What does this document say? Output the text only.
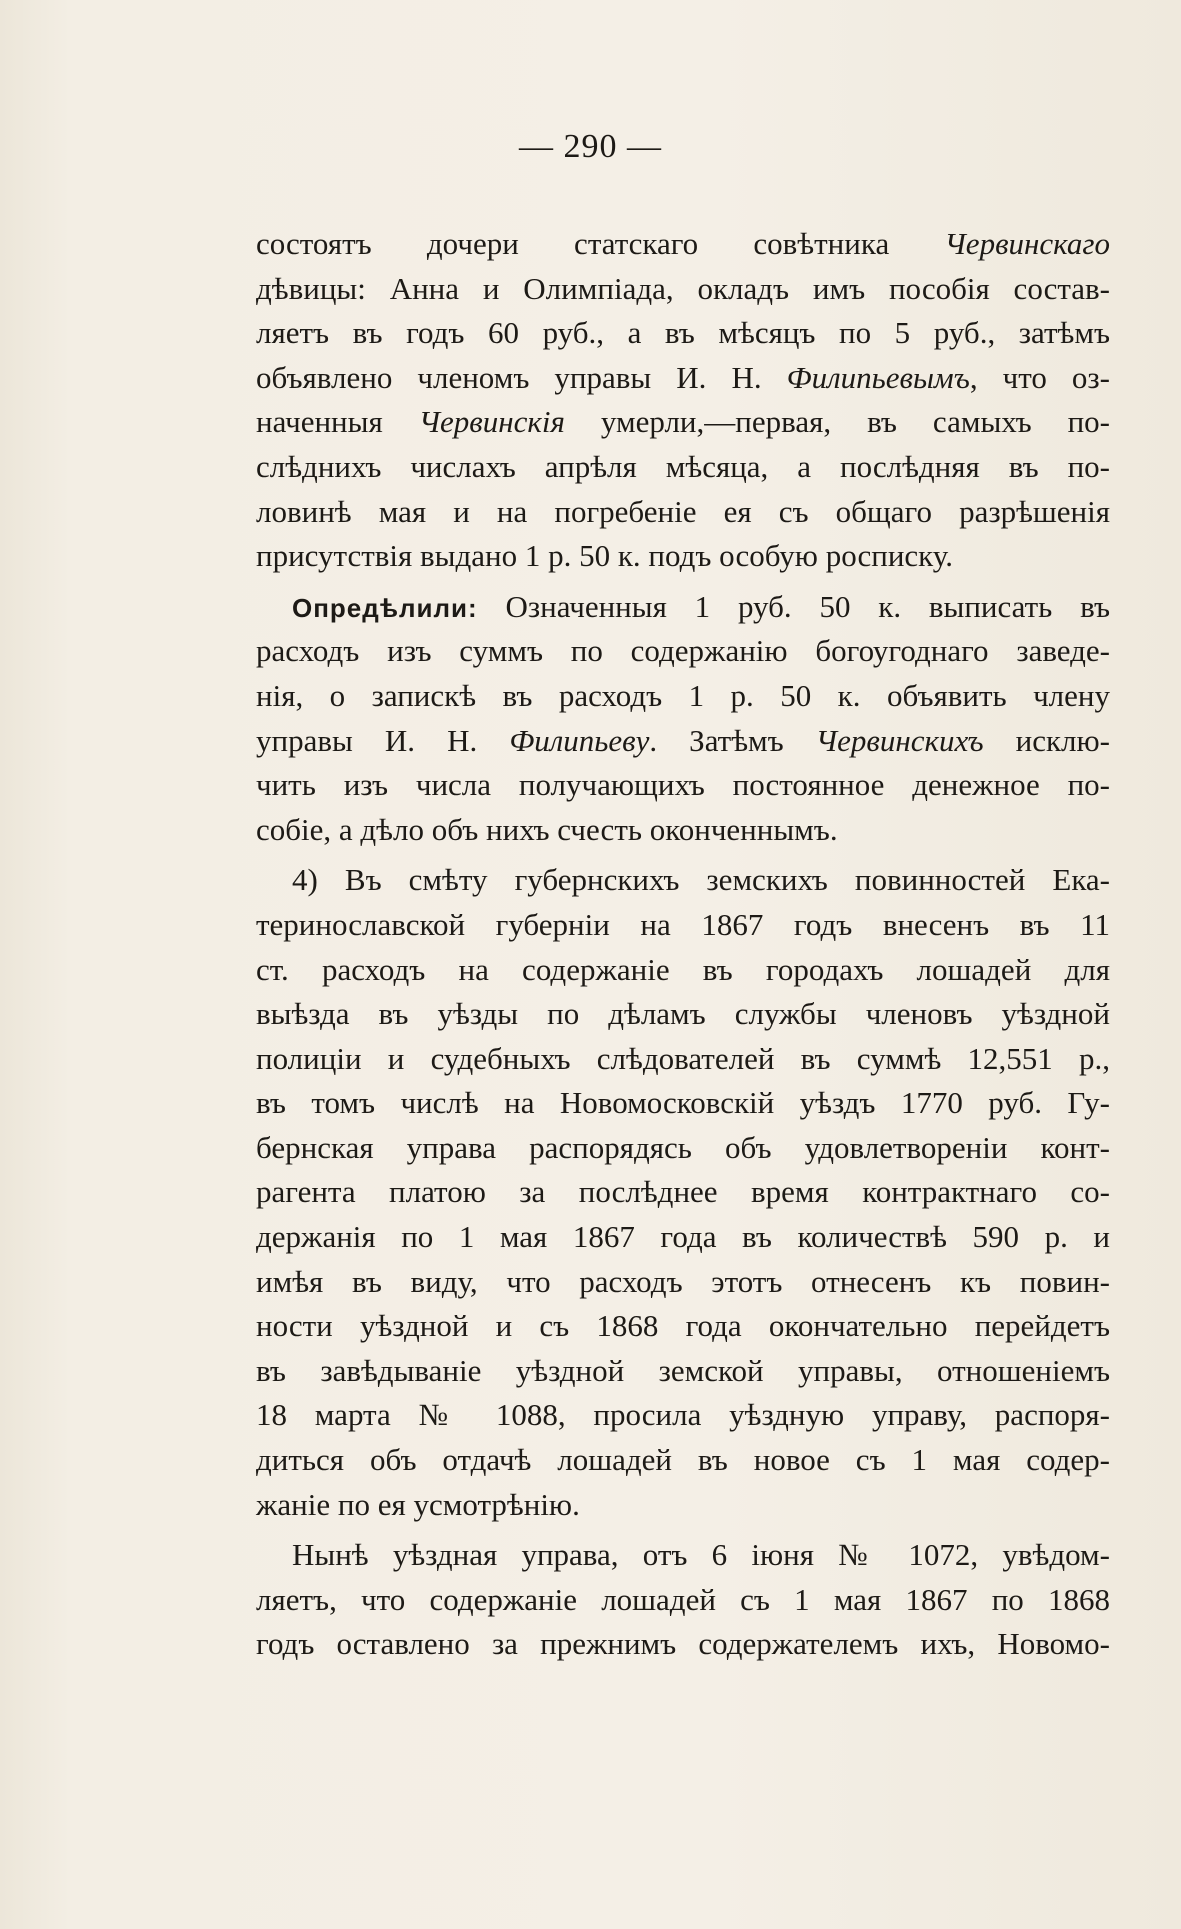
— 290 —
состоятъ дочери статскаго совѣтника Червинскаго
дѣвицы: Анна и Олимпіада, окладъ имъ пособія состав-
ляетъ въ годъ 60 руб., а въ мѣсяцъ по 5 руб., затѣмъ
объявлено членомъ управы И. Н. Филипьевымъ, что оз-
наченныя Червинскія умерли,—первая, въ самыхъ по-
слѣднихъ числахъ апрѣля мѣсяца, а послѣдняя въ по-
ловинѣ мая и на погребеніе ея съ общаго разрѣшенія
присутствія выдано 1 р. 50 к. подъ особую росписку.
Опредѣлили: Означенныя 1 руб. 50 к. выписать въ
расходъ изъ суммъ по содержанію богоугоднаго заведе-
нія, о запискѣ въ расходъ 1 р. 50 к. объявить члену
управы И. Н. Филипьеву. Затѣмъ Червинскихъ исклю-
чить изъ числа получающихъ постоянное денежное по-
собіе, а дѣло объ нихъ счесть оконченнымъ.
4) Въ смѣту губернскихъ земскихъ повинностей Ека-
теринославской губерніи на 1867 годъ внесенъ въ 11
ст. расходъ на содержаніе въ городахъ лошадей для
выѣзда въ уѣзды по дѣламъ службы членовъ уѣздной
полиціи и судебныхъ слѣдователей въ суммѣ 12,551 р.,
въ томъ числѣ на Новомосковскій уѣздъ 1770 руб. Гу-
бернская управа распорядясь объ удовлетвореніи конт-
рагента платою за послѣднее время контрактнаго со-
держанія по 1 мая 1867 года въ количествѣ 590 р. и
имѣя въ виду, что расходъ этотъ отнесенъ къ повин-
ности уѣздной и съ 1868 года окончательно перейдетъ
въ завѣдываніе уѣздной земской управы, отношеніемъ
18 марта № 1088, просила уѣздную управу, распоря-
диться объ отдачѣ лошадей въ новое съ 1 мая содер-
жаніе по ея усмотрѣнію.
Нынѣ уѣздная управа, отъ 6 іюня № 1072, увѣдом-
ляетъ, что содержаніе лошадей съ 1 мая 1867 по 1868
годъ оставлено за прежнимъ содержателемъ ихъ, Новомо-
